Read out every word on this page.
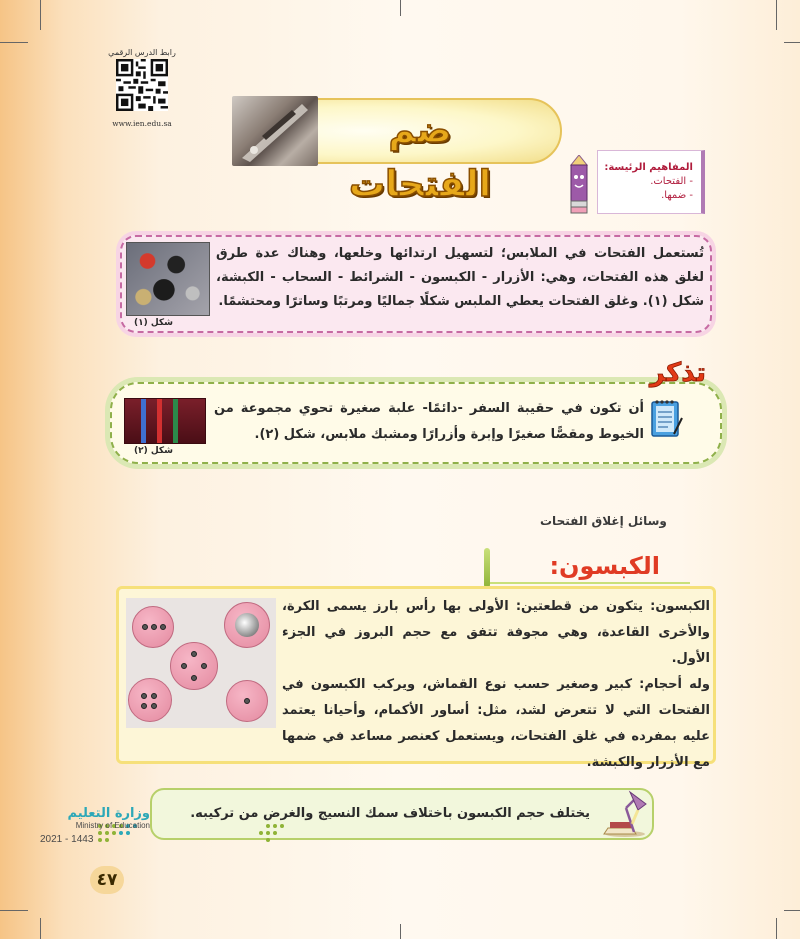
رابط الدرس الرقمي
www.ien.edu.sa	ضم الفتحات	المفاهيم الرئيسة:
- الفتحات.
- ضمها.
شكل (١)
تُستعمل الفتحات في الملابس؛ لتسهيل ارتدائها وخلعها، وهناك عدة طرق لغلق هذه الفتحات، وهي: الأزرار - الكبسون - الشرائط - السحاب - الكبشة، شكل (١). وغلق الفتحات يعطي الملبس شكلًا جماليًا ومرتبًا وساترًا ومحتشمًا.
تذكر
شكل (٢)
أن تكون في حقيبة السفر -دائمًا- علبة صغيرة تحوي مجموعة من الخيوط ومقصًّا صغيرًا وإبرة وأزرارًا ومشبك ملابس، شكل (٢).
وسائل إغلاق الفتحات
الكبسون:

الكبسون: يتكون من قطعتين: الأولى بها رأس بارز يسمى الكرة، والأخرى القاعدة، وهي مجوفة تتفق مع حجم البروز في الجزء الأول.

وله أحجام: كبير وصغير حسب نوع القماش، ويركب الكبسون في الفتحات التي لا تتعرض لشد، مثل: أساور الأكمام، وأحيانا يعتمد عليه بمفرده في غلق الفتحات، ويستعمل كعنصر مساعد في ضمها مع الأزرار والكبشة.

يختلف حجم الكبسون باختلاف سمك النسيج والغرض من تركيبه.
وزارة التعليم
Ministry of Education
2021 - 1443
٤٧
